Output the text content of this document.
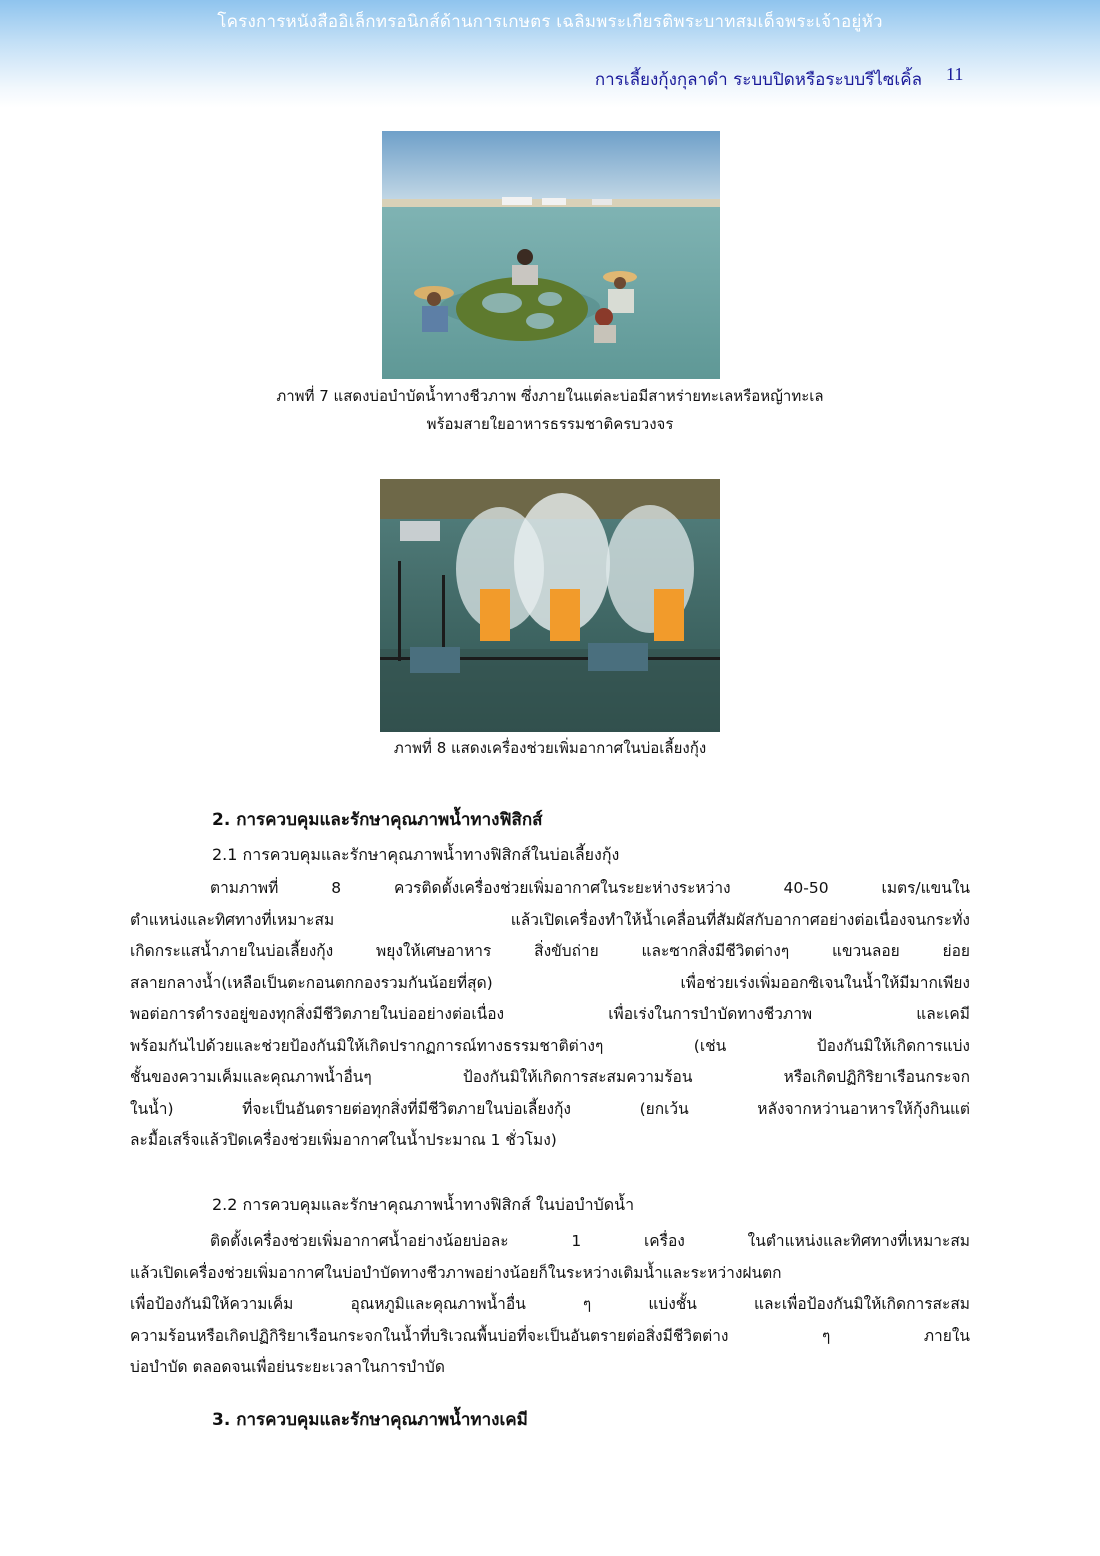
โครงการหนังสืออิเล็กทรอนิกส์ด้านการเกษตร เฉลิมพระเกียรติพระบาทสมเด็จพระเจ้าอยู่หัว
การเลี้ยงกุ้งกุลาดำ ระบบปิดหรือระบบรีไซเคิ้ล 11
ภาพที่ 7 แสดงบ่อบำบัดน้ำทางชีวภาพ ซึ่งภายในแต่ละบ่อมีสาหร่ายทะเลหรือหญ้าทะเล
พร้อมสายใยอาหารธรรมชาติครบวงจร
ภาพที่ 8 แสดงเครื่องช่วยเพิ่มอากาศในบ่อเลี้ยงกุ้ง
2. การควบคุมและรักษาคุณภาพน้ำทางฟิสิกส์
2.1 การควบคุมและรักษาคุณภาพน้ำทางฟิสิกส์ในบ่อเลี้ยงกุ้ง
ตามภาพที่ 8 ควรติดตั้งเครื่องช่วยเพิ่มอากาศในระยะห่างระหว่าง 40-50 เมตร/แขนใน
ตำแหน่งและทิศทางที่เหมาะสม แล้วเปิดเครื่องทำให้น้ำเคลื่อนที่สัมผัสกับอากาศอย่างต่อเนื่องจนกระทั่ง
เกิดกระแสน้ำภายในบ่อเลี้ยงกุ้ง พยุงให้เศษอาหาร สิ่งขับถ่าย และซากสิ่งมีชีวิตต่างๆ แขวนลอย ย่อย
สลายกลางน้ำ(เหลือเป็นตะกอนตกกองรวมกันน้อยที่สุด) เพื่อช่วยเร่งเพิ่มออกซิเจนในน้ำให้มีมากเพียง
พอต่อการดำรงอยู่ของทุกสิ่งมีชีวิตภายในบ่ออย่างต่อเนื่อง เพื่อเร่งในการบำบัดทางชีวภาพ และเคมี
พร้อมกันไปด้วยและช่วยป้องกันมิให้เกิดปรากฏการณ์ทางธรรมชาติต่างๆ (เช่น ป้องกันมิให้เกิดการแบ่ง
ชั้นของความเค็มและคุณภาพน้ำอื่นๆ ป้องกันมิให้เกิดการสะสมความร้อน หรือเกิดปฏิกิริยาเรือนกระจก
ในน้ำ) ที่จะเป็นอันตรายต่อทุกสิ่งที่มีชีวิตภายในบ่อเลี้ยงกุ้ง (ยกเว้น หลังจากหว่านอาหารให้กุ้งกินแต่
ละมื้อเสร็จแล้วปิดเครื่องช่วยเพิ่มอากาศในน้ำประมาณ 1 ชั่วโมง)
2.2 การควบคุมและรักษาคุณภาพน้ำทางฟิสิกส์ ในบ่อบำบัดน้ำ
ติดตั้งเครื่องช่วยเพิ่มอากาศน้ำอย่างน้อยบ่อละ 1 เครื่อง ในตำแหน่งและทิศทางที่เหมาะสม
แล้วเปิดเครื่องช่วยเพิ่มอากาศในบ่อบำบัดทางชีวภาพอย่างน้อยก็ในระหว่างเติมน้ำและระหว่างฝนตก
เพื่อป้องกันมิให้ความเค็ม อุณหภูมิและคุณภาพน้ำอื่น ๆ แบ่งชั้น และเพื่อป้องกันมิให้เกิดการสะสม
ความร้อนหรือเกิดปฏิกิริยาเรือนกระจกในน้ำที่บริเวณพื้นบ่อที่จะเป็นอันตรายต่อสิ่งมีชีวิตต่าง ๆ ภายใน
บ่อบำบัด ตลอดจนเพื่อย่นระยะเวลาในการบำบัด
3. การควบคุมและรักษาคุณภาพน้ำทางเคมี
